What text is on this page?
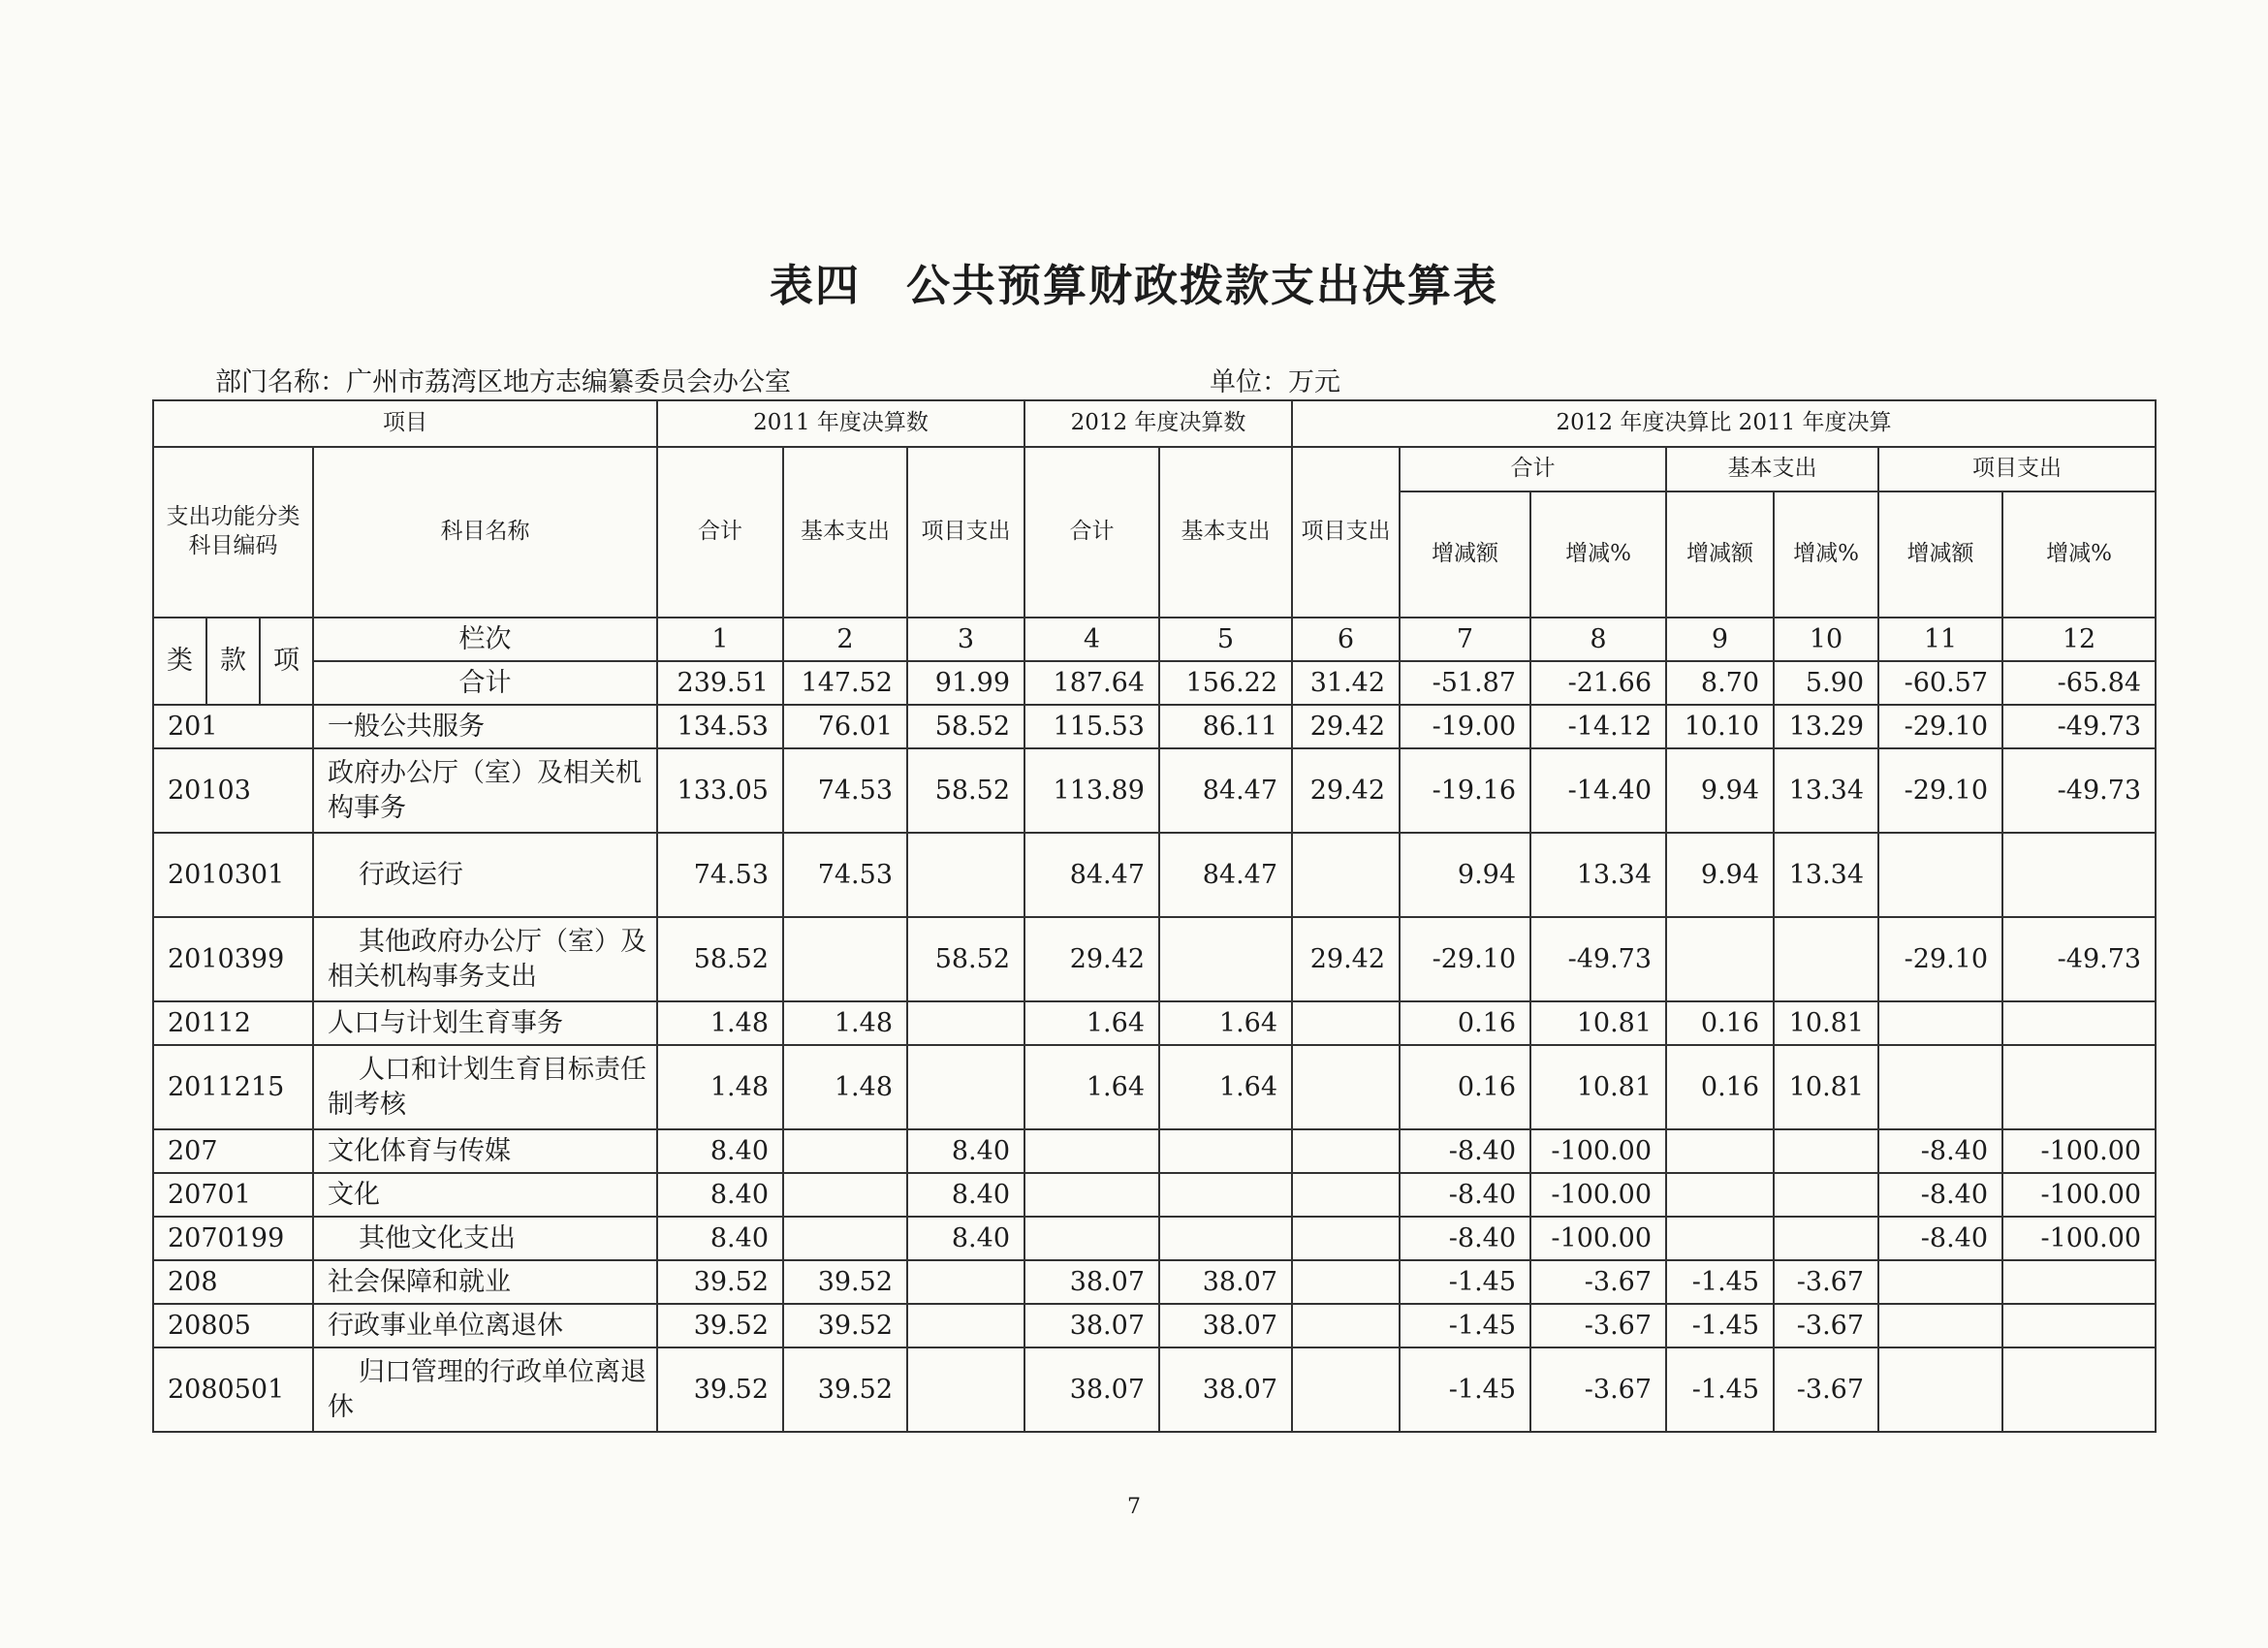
表四　公共预算财政拨款支出决算表
部门名称：广州市荔湾区地方志编纂委员会办公室	单位：万元
项目				2011 年度决算数			2012 年度决算数		2012 年度决算比 2011 年度决算						
支出功能分类科目编码			科目名称	合计	基本支出	项目支出	合计	基本支出	项目支出	合计		基本支出		项目支出	
										增减额	增减%	增减额	增减%	增减额	增减%
类	款	项	栏次	1	2	3	4	5	6	7	8	9	10	11	12
			合计	239.51	147.52	91.99	187.64	156.22	31.42	-51.87	-21.66	8.70	5.90	-60.57	-65.84
201			一般公共服务	134.53	76.01	58.52	115.53	86.11	29.42	-19.00	-14.12	10.10	13.29	-29.10	-49.73
20103			政府办公厅（室）及相关机构事务	133.05	74.53	58.52	113.89	84.47	29.42	-19.16	-14.40	9.94	13.34	-29.10	-49.73
2010301			行政运行	74.53	74.53		84.47	84.47		9.94	13.34	9.94	13.34		
2010399			其他政府办公厅（室）及相关机构事务支出	58.52		58.52	29.42		29.42	-29.10	-49.73			-29.10	-49.73
20112			人口与计划生育事务	1.48	1.48		1.64	1.64		0.16	10.81	0.16	10.81		
2011215			人口和计划生育目标责任制考核	1.48	1.48		1.64	1.64		0.16	10.81	0.16	10.81		
207			文化体育与传媒	8.40		8.40				-8.40	-100.00			-8.40	-100.00
20701			文化	8.40		8.40				-8.40	-100.00			-8.40	-100.00
2070199			其他文化支出	8.40		8.40				-8.40	-100.00			-8.40	-100.00
208			社会保障和就业	39.52	39.52		38.07	38.07		-1.45	-3.67	-1.45	-3.67		
20805			行政事业单位离退休	39.52	39.52		38.07	38.07		-1.45	-3.67	-1.45	-3.67		
2080501			归口管理的行政单位离退休	39.52	39.52		38.07	38.07		-1.45	-3.67	-1.45	-3.67		
7
